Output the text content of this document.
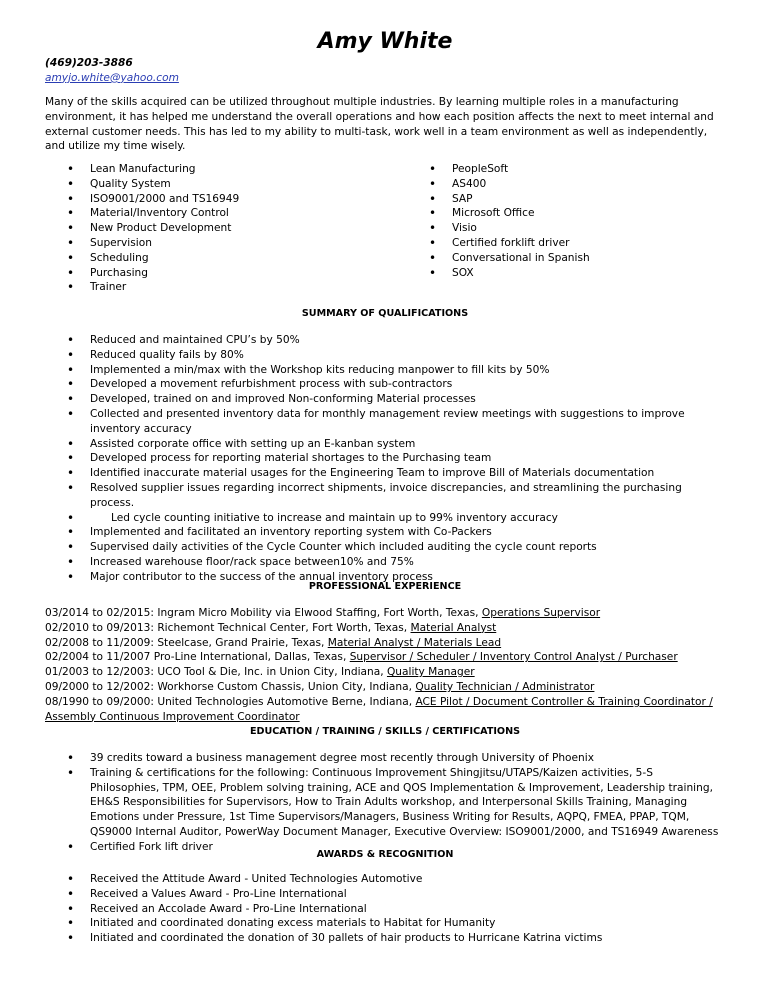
Amy White
(469)203-3886
amyjo.white@yahoo.com
Many of the skills acquired can be utilized throughout multiple industries. By learning multiple roles in a manufacturing environment, it has helped me understand the overall operations and how each position affects the next to meet internal and external customer needs. This has led to my ability to multi-task, work well in a team environment as well as independently, and utilize my time wisely.
• Lean Manufacturing
• Quality System
• ISO9001/2000 and TS16949
• Material/Inventory Control
• New Product Development
• Supervision
• Scheduling
• Purchasing
• Trainer
• PeopleSoft
• AS400
• SAP
• Microsoft Office
• Visio
• Certified forklift driver
• Conversational in Spanish
• SOX
SUMMARY OF QUALIFICATIONS
• Reduced and maintained CPU’s by 50%
• Reduced quality fails by 80%
• Implemented a min/max with the Workshop kits reducing manpower to fill kits by 50%
• Developed a movement refurbishment process with sub-contractors
• Developed, trained on and improved Non-conforming Material processes
• Collected and presented inventory data for monthly management review meetings with suggestions to improve inventory accuracy
• Assisted corporate office with setting up an E-kanban system
• Developed process for reporting material shortages to the Purchasing team
• Identified inaccurate material usages for the Engineering Team to improve Bill of Materials documentation
• Resolved supplier issues regarding incorrect shipments, invoice discrepancies, and streamlining the purchasing process.
• Led cycle counting initiative to increase and maintain up to 99% inventory accuracy
• Implemented and facilitated an inventory reporting system with Co-Packers
• Supervised daily activities of the Cycle Counter which included auditing the cycle count reports
• Increased warehouse floor/rack space between10% and 75%
• Major contributor to the success of the annual inventory process
PROFESSIONAL EXPERIENCE
03/2014 to 02/2015: Ingram Micro Mobility via Elwood Staffing, Fort Worth, Texas, Operations Supervisor
02/2010 to 09/2013: Richemont Technical Center, Fort Worth, Texas, Material Analyst
02/2008 to 11/2009: Steelcase, Grand Prairie, Texas, Material Analyst / Materials Lead
02/2004 to 11/2007 Pro-Line International, Dallas, Texas, Supervisor / Scheduler / Inventory Control Analyst / Purchaser
01/2003 to 12/2003: UCO Tool & Die, Inc. in Union City, Indiana, Quality Manager
09/2000 to 12/2002: Workhorse Custom Chassis, Union City, Indiana, Quality Technician / Administrator
08/1990 to 09/2000: United Technologies Automotive Berne, Indiana, ACE Pilot / Document Controller & Training Coordinator /
Assembly Continuous Improvement Coordinator
EDUCATION / TRAINING / SKILLS / CERTIFICATIONS
• 39 credits toward a business management degree most recently through University of Phoenix
• Training & certifications for the following: Continuous Improvement Shingjitsu/UTAPS/Kaizen activities, 5-S Philosophies, TPM, OEE, Problem solving training, ACE and QOS Implementation & Improvement, Leadership training, EH&S Responsibilities for Supervisors, How to Train Adults workshop, and Interpersonal Skills Training, Managing Emotions under Pressure, 1st Time Supervisors/Managers, Business Writing for Results, AQPQ, FMEA, PPAP, TQM, QS9000 Internal Auditor, PowerWay Document Manager, Executive Overview: ISO9001/2000, and TS16949 Awareness
• Certified Fork lift driver
AWARDS & RECOGNITION
• Received the Attitude Award - United Technologies Automotive
• Received a Values Award - Pro-Line International
• Received an Accolade Award - Pro-Line International
• Initiated and coordinated donating excess materials to Habitat for Humanity
• Initiated and coordinated the donation of 30 pallets of hair products to Hurricane Katrina victims
